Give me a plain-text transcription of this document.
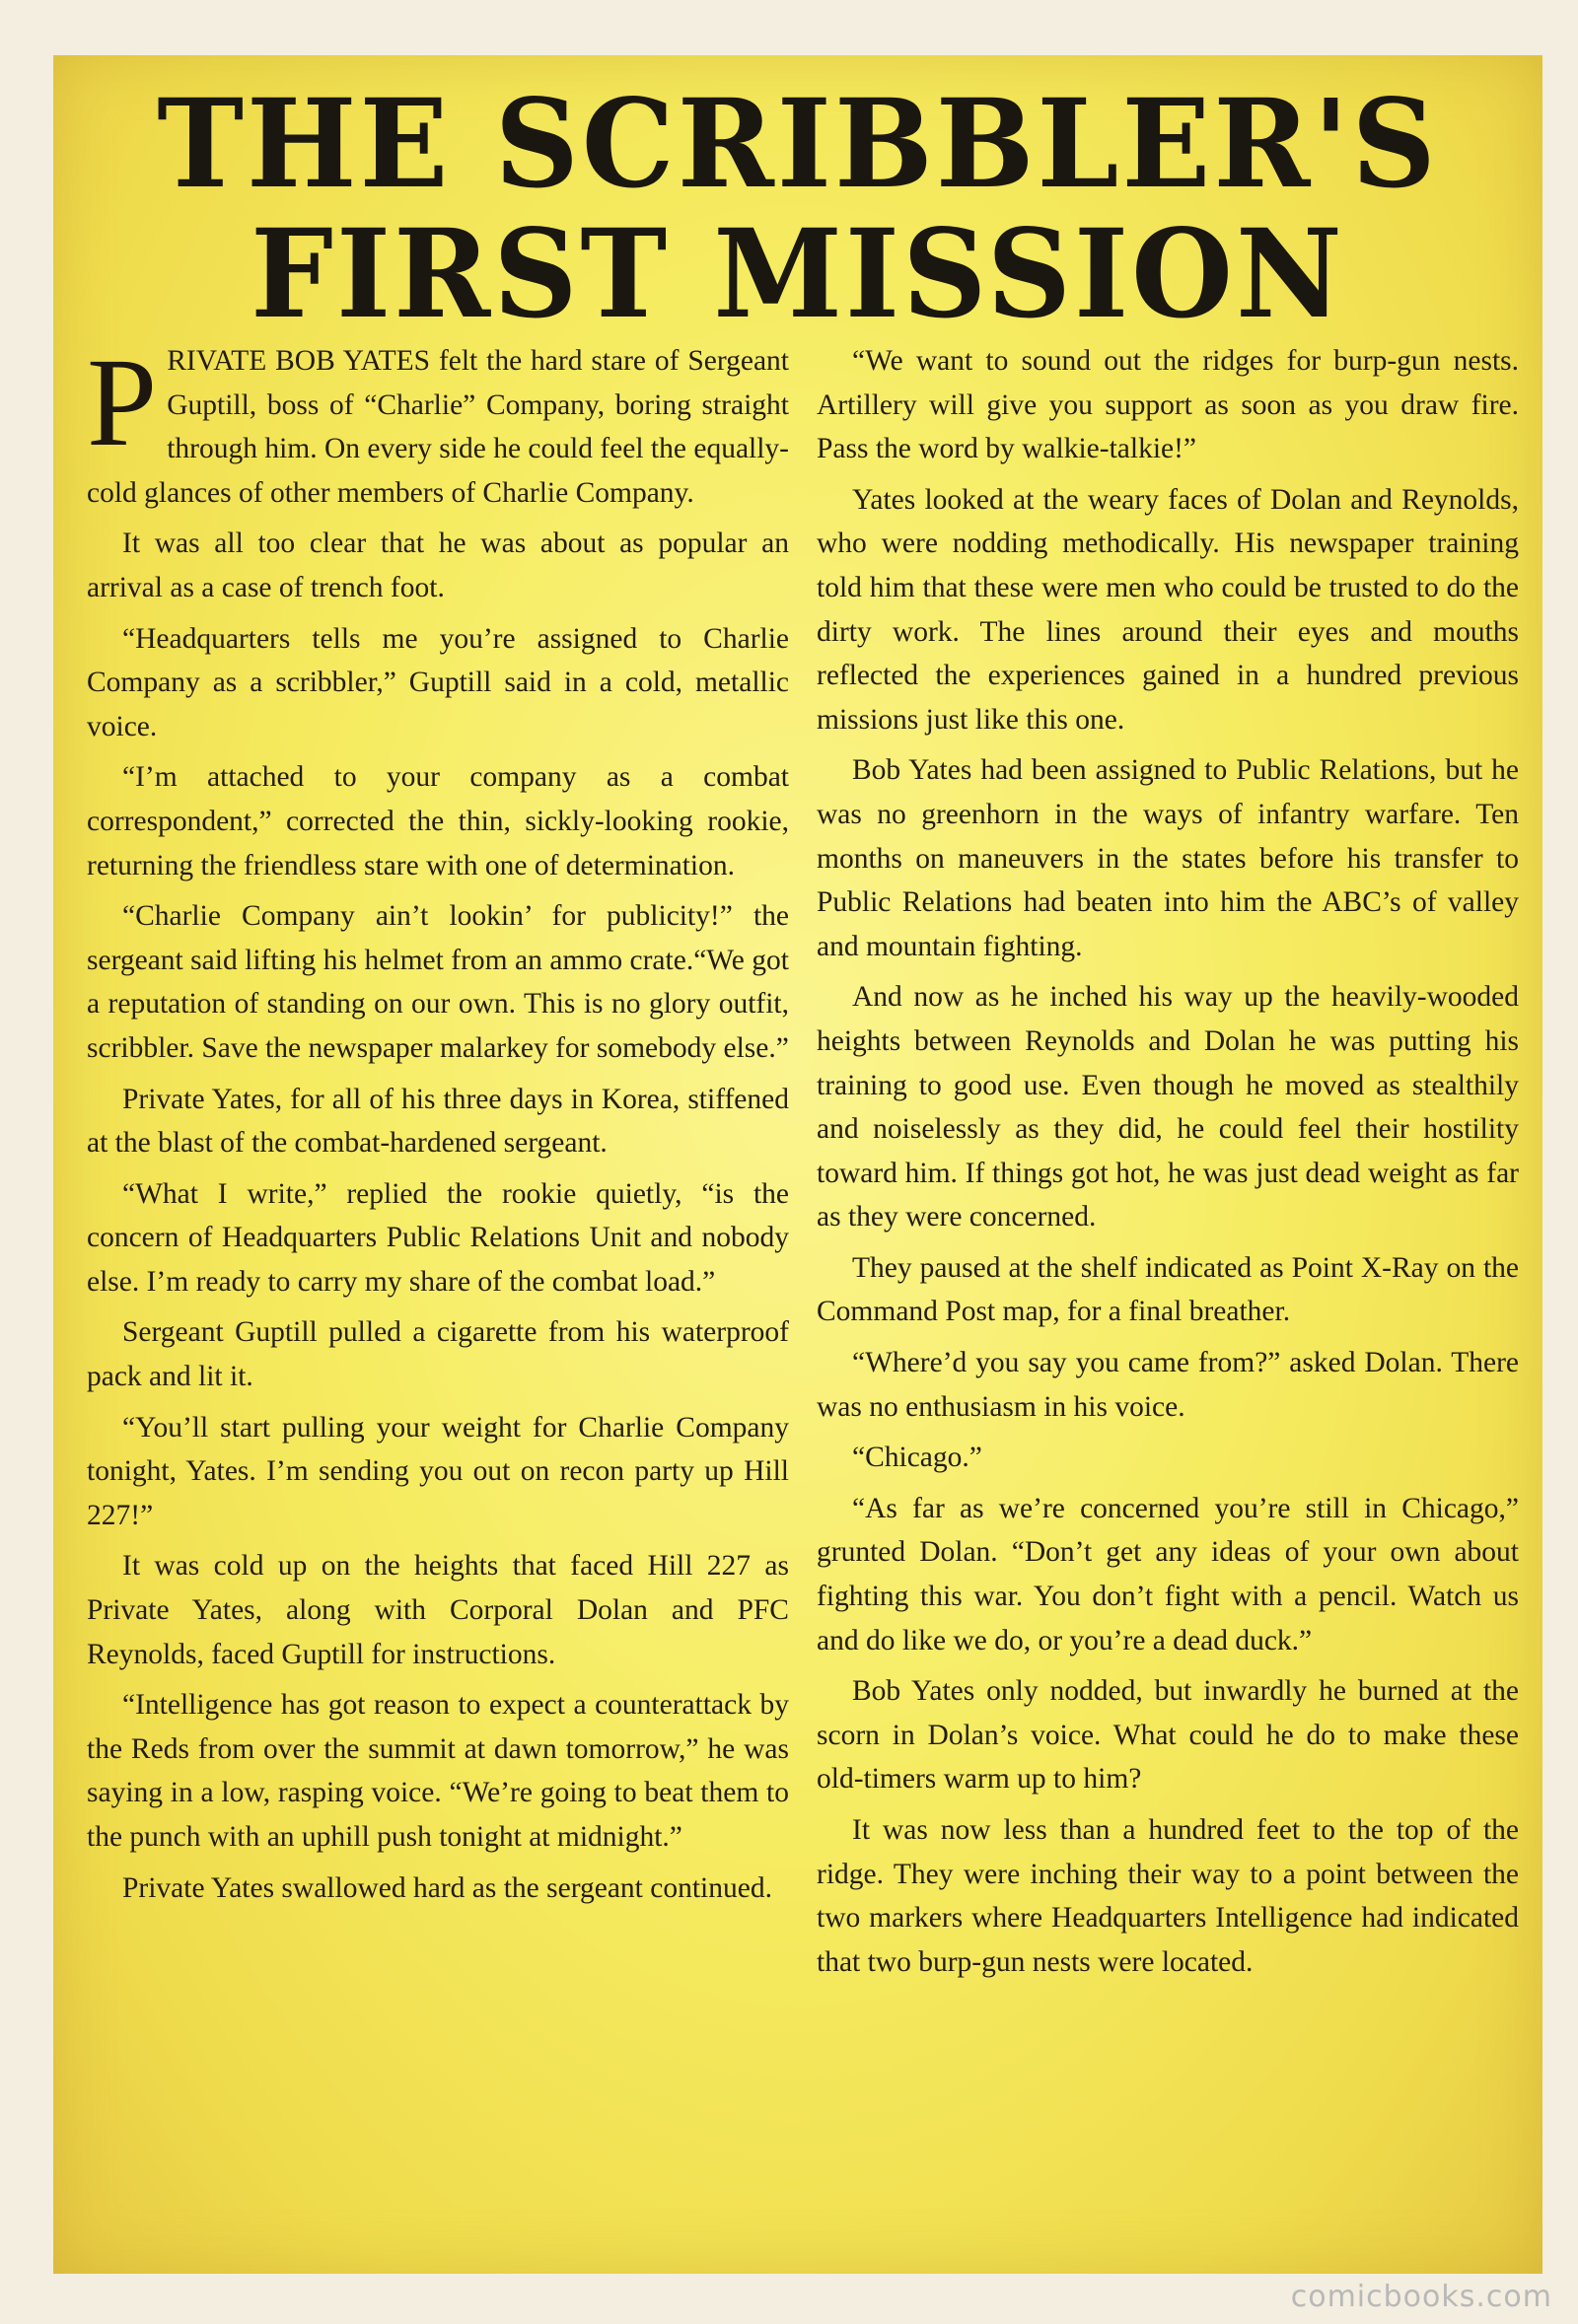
THE SCRIBBLER'S
FIRST MISSION

PRIVATE BOB YATES felt the hard stare of Sergeant Guptill, boss of “Charlie” Company, boring straight through him. On every side he could feel the equally-cold glances of other members of Charlie Company.

It was all too clear that he was about as popular an arrival as a case of trench foot.

“Headquarters tells me you’re assigned to Charlie Company as a scribbler,” Guptill said in a cold, metallic voice.

“I’m attached to your company as a combat correspondent,” corrected the thin, sickly-looking rookie, returning the friendless stare with one of determination.

“Charlie Company ain’t lookin’ for publicity!” the sergeant said lifting his helmet from an ammo crate.“We got a reputation of standing on our own. This is no glory outfit, scribbler. Save the newspaper malarkey for somebody else.”

Private Yates, for all of his three days in Korea, stiffened at the blast of the combat-hardened sergeant.

“What I write,” replied the rookie quietly, “is the concern of Headquarters Public Relations Unit and nobody else. I’m ready to carry my share of the combat load.”

Sergeant Guptill pulled a cigarette from his waterproof pack and lit it.

“You’ll start pulling your weight for Charlie Company tonight, Yates. I’m sending you out on recon party up Hill 227!”

It was cold up on the heights that faced Hill 227 as Private Yates, along with Corporal Dolan and PFC Reynolds, faced Guptill for instructions.

“Intelligence has got reason to expect a counterattack by the Reds from over the summit at dawn tomorrow,” he was saying in a low, rasping voice. “We’re going to beat them to the punch with an uphill push tonight at midnight.”

Private Yates swallowed hard as the sergeant continued.

“We want to sound out the ridges for burp-gun nests. Artillery will give you support as soon as you draw fire. Pass the word by walkie-talkie!”

Yates looked at the weary faces of Dolan and Reynolds, who were nodding methodically. His newspaper training told him that these were men who could be trusted to do the dirty work. The lines around their eyes and mouths reflected the experiences gained in a hundred previous missions just like this one.

Bob Yates had been assigned to Public Relations, but he was no greenhorn in the ways of infantry warfare. Ten months on maneuvers in the states before his transfer to Public Relations had beaten into him the ABC’s of valley and mountain fighting.

And now as he inched his way up the heavily-wooded heights between Reynolds and Dolan he was putting his training to good use. Even though he moved as stealthily and noiselessly as they did, he could feel their hostility toward him. If things got hot, he was just dead weight as far as they were concerned.

They paused at the shelf indicated as Point X-Ray on the Command Post map, for a final breather.

“Where’d you say you came from?” asked Dolan. There was no enthusiasm in his voice.

“Chicago.”

“As far as we’re concerned you’re still in Chicago,” grunted Dolan. “Don’t get any ideas of your own about fighting this war. You don’t fight with a pencil. Watch us and do like we do, or you’re a dead duck.”

Bob Yates only nodded, but inwardly he burned at the scorn in Dolan’s voice. What could he do to make these old-timers warm up to him?

It was now less than a hundred feet to the top of the ridge. They were inching their way to a point between the two markers where Headquarters Intelligence had indicated that two burp-gun nests were located.

comicbooks.com
